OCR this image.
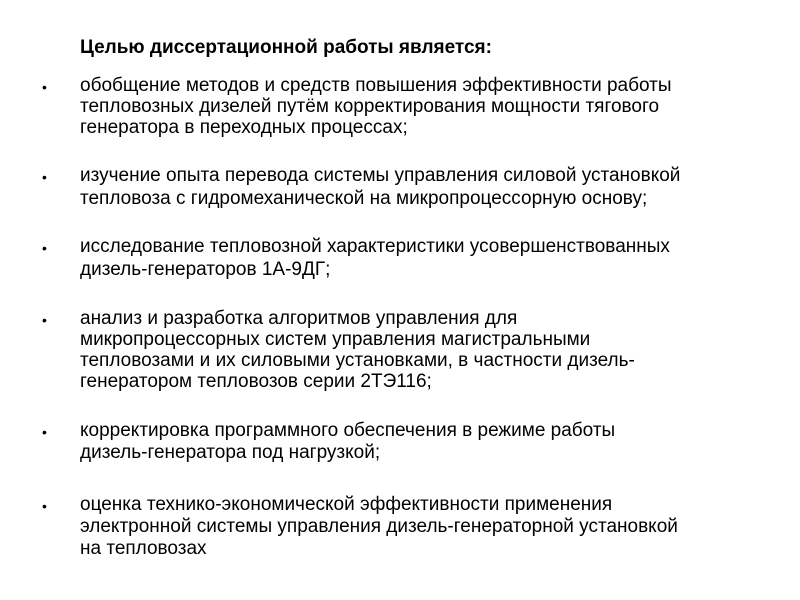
Целью диссертационной работы является:
• обобщение методов и средств повышения эффективности работы
тепловозных дизелей путём корректирования мощности тягового
генератора в переходных процессах;
• изучение опыта перевода системы управления силовой установкой
тепловоза с гидромеханической на микропроцессорную основу;
• исследование тепловозной характеристики усовершенствованных
дизель-генераторов 1А-9ДГ;
• анализ и разработка алгоритмов управления для
микропроцессорных систем управления магистральными
тепловозами и их силовыми установками, в частности дизель-
генератором тепловозов серии 2ТЭ116;
• корректировка программного обеспечения в режиме работы
дизель-генератора под нагрузкой;
• оценка технико-экономической эффективности применения
электронной системы управления дизель-генераторной установкой
на тепловозах
